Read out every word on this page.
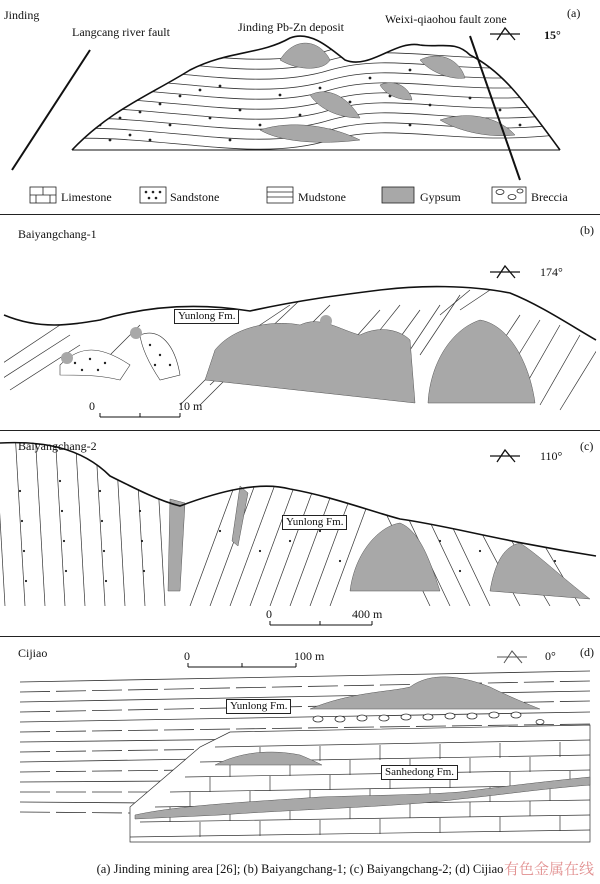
Jinding	(a)
Langcang river fault	Jinding Pb-Zn deposit
Weixi-qiaohou fault zone
15°
Limestone	Sandstone	Mudstone	Gypsum	Breccia
Baiyangchang-1	(b)
174°
Yunlong Fm.
0	10 m
Baiyangchang-2	(c)
110°
Yunlong Fm.
0	400 m
Cijiao	(d)
0°
0	100 m
Yunlong Fm.
Sanhedong Fm.
(a) Jinding mining area [26]; (b) Baiyangchang-1; (c) Baiyangchang-2; (d) Cijiao 有色金属在线
